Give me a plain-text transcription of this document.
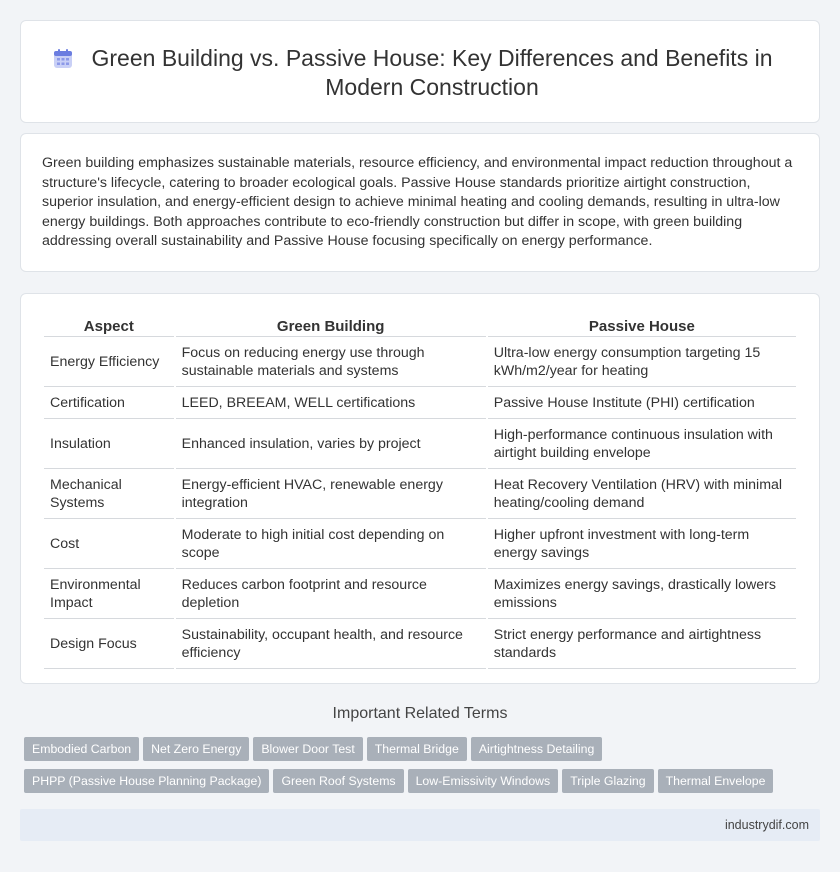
Green Building vs. Passive House: Key Differences and Benefits in Modern Construction

Green building emphasizes sustainable materials, resource efficiency, and environmental impact reduction throughout a structure's lifecycle, catering to broader ecological goals. Passive House standards prioritize airtight construction, superior insulation, and energy-efficient design to achieve minimal heating and cooling demands, resulting in ultra-low energy buildings. Both approaches contribute to eco-friendly construction but differ in scope, with green building addressing overall sustainability and Passive House focusing specifically on energy performance.

Aspect	Green Building	Passive House
Energy Efficiency	Focus on reducing energy use through sustainable materials and systems	Ultra-low energy consumption targeting 15 kWh/m2/year for heating
Certification	LEED, BREEAM, WELL certifications	Passive House Institute (PHI) certification
Insulation	Enhanced insulation, varies by project	High-performance continuous insulation with airtight building envelope
Mechanical Systems	Energy-efficient HVAC, renewable energy integration	Heat Recovery Ventilation (HRV) with minimal heating/cooling demand
Cost	Moderate to high initial cost depending on scope	Higher upfront investment with long-term energy savings
Environmental Impact	Reduces carbon footprint and resource depletion	Maximizes energy savings, drastically lowers emissions
Design Focus	Sustainability, occupant health, and resource efficiency	Strict energy performance and airtightness standards
Important Related Terms
Embodied Carbon Net Zero Energy Blower Door Test Thermal Bridge Airtightness Detailing
PHPP (Passive House Planning Package) Green Roof Systems Low-Emissivity Windows Triple Glazing Thermal Envelope
industrydif.com
